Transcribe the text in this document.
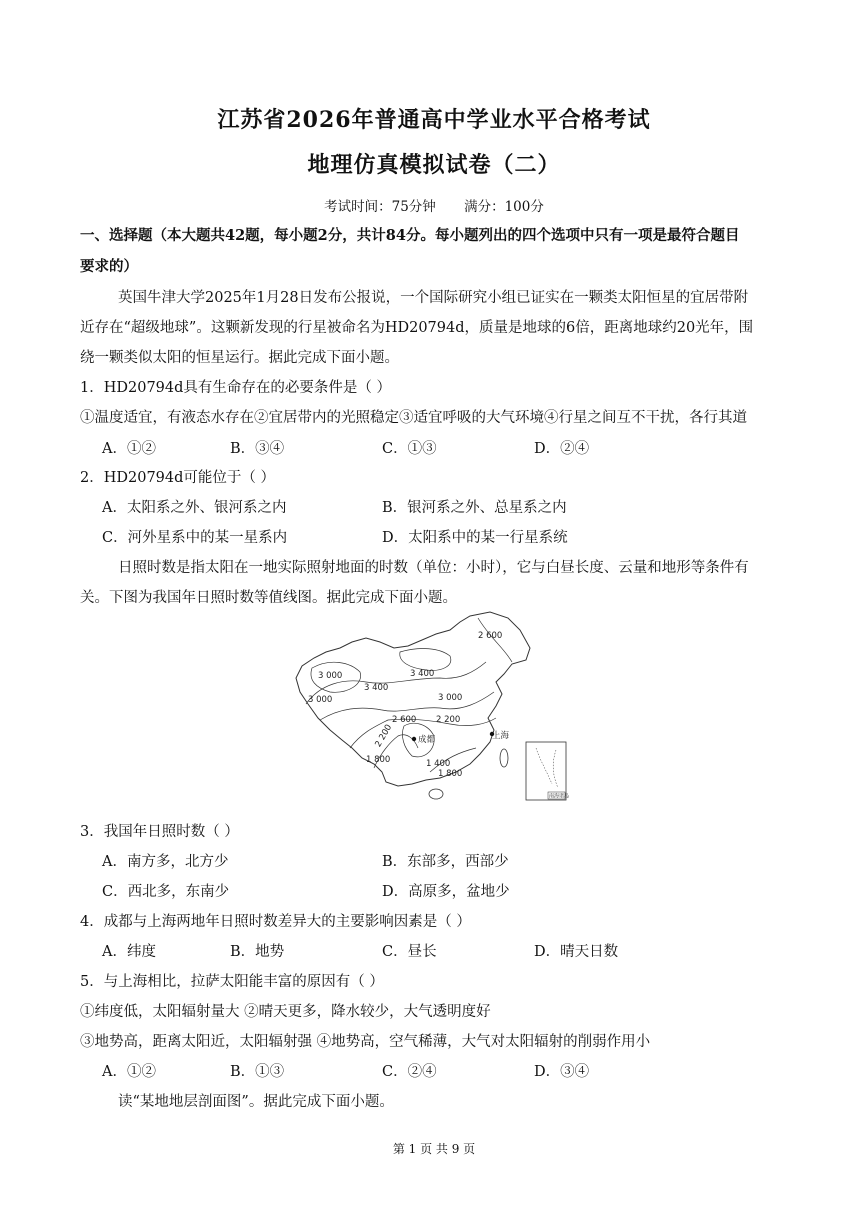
江苏省2026年普通高中学业水平合格考试
地理仿真模拟试卷（二）
考试时间：75分钟 满分：100分
一、选择题（本大题共42题，每小题2分，共计84分。每小题列出的四个选项中只有一项是最符合题目
要求的）
英国牛津大学2025年1月28日发布公报说，一个国际研究小组已证实在一颗类太阳恒星的宜居带附
近存在“超级地球”。这颗新发现的行星被命名为HD20794d，质量是地球的6倍，距离地球约20光年，围
绕一颗类似太阳的恒星运行。据此完成下面小题。
1．HD20794d具有生命存在的必要条件是（ ）
①温度适宜，有液态水存在②宜居带内的光照稳定③适宜呼吸的大气环境④行星之间互不干扰，各行其道
A．①②	B．③④	C．①③	D．②④
2．HD20794d可能位于（ ）
A．太阳系之外、银河系之内	B．银河系之外、总星系之内
C．河外星系中的某一星系内	D．太阳系中的某一行星系统
日照时数是指太阳在一地实际照射地面的时数（单位：小时），它与白昼长度、云量和地形等条件有
关。下图为我国年日照时数等值线图。据此完成下面小题。
2 600
3 400
3 000
3 400
3 000
3 000
2 600 2 200
2 200
1 400
1 800
1 800
成都	上海
南海诸岛
3．我国年日照时数（ ）
A．南方多，北方少	B．东部多，西部少
C．西北多，东南少	D．高原多，盆地少
4．成都与上海两地年日照时数差异大的主要影响因素是（ ）
A．纬度	B．地势	C．昼长	D．晴天日数
5．与上海相比，拉萨太阳能丰富的原因有（ ）
①纬度低，太阳辐射量大 ②晴天更多，降水较少，大气透明度好
③地势高，距离太阳近，太阳辐射强 ④地势高，空气稀薄，大气对太阳辐射的削弱作用小
A．①②	B．①③	C．②④	D．③④
读“某地地层剖面图”。据此完成下面小题。
第 1 页 共 9 页
